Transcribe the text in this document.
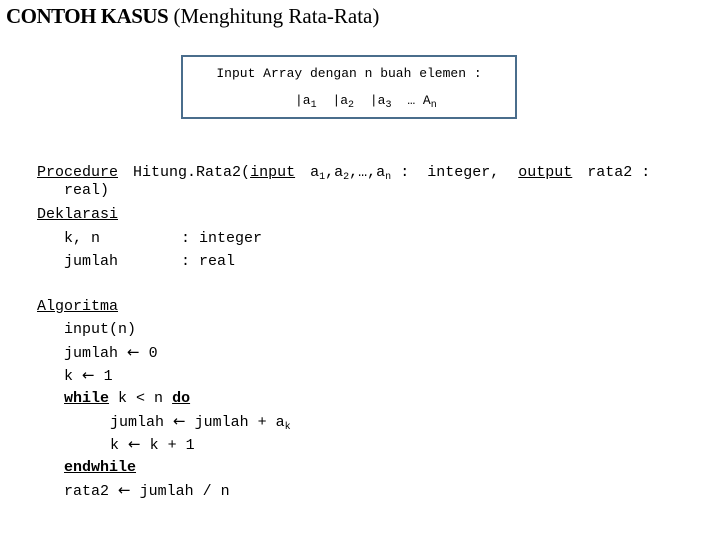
CONTOH KASUS (Menghitung Rata-Rata)
Input Array dengan n buah elemen :
$|a_1$ $|a_2$ $|a_3$ … $A_n$
Procedure Hitung.Rata2(input $a_1,a_2,\dots,a_n$ :  integer, output rata2 :
real)
Deklarasi
k, n	: integer
jumlah	: real
Algoritma
input(n)
jumlah ← 0
k ← 1
while k < n do
jumlah ← jumlah + $a_k$
k ← k + 1
endwhile
rata2 ← jumlah / n
